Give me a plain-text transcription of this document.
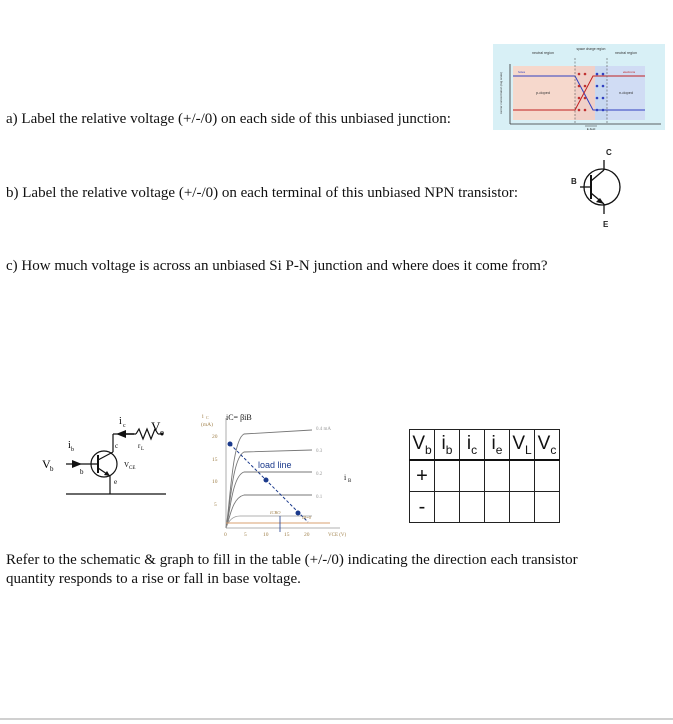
a) Label the relative voltage (+/-/0) on each side of this unbiased junction:
b) Label the relative voltage (+/-/0) on each terminal of this unbiased NPN transistor:
c) How much voltage is across an unbiased Si P-N junction and where does it come from?
neutral region
space charge region
neutral region
p-doped	n-doped
holes	electrons
E-field
carrier concentration (log scale)
C
B
E
i c V o
i b
V b	b
c
e
r L
V CE
i C
(mA)
iC= βiB
load line
i B
0.4 mA
0.3
0.2
0.1
20
15
10
5
0	5	10	15	20	VCE (V)
ICBO
iB=0
$V_b$	$i_b$	$i_c$	$i_e$	$V_L$	$V_c$
+					
-					
Refer to the schematic & graph to fill in the table (+/-/0) indicating the direction each transistor quantity responds to a rise or fall in base voltage.
